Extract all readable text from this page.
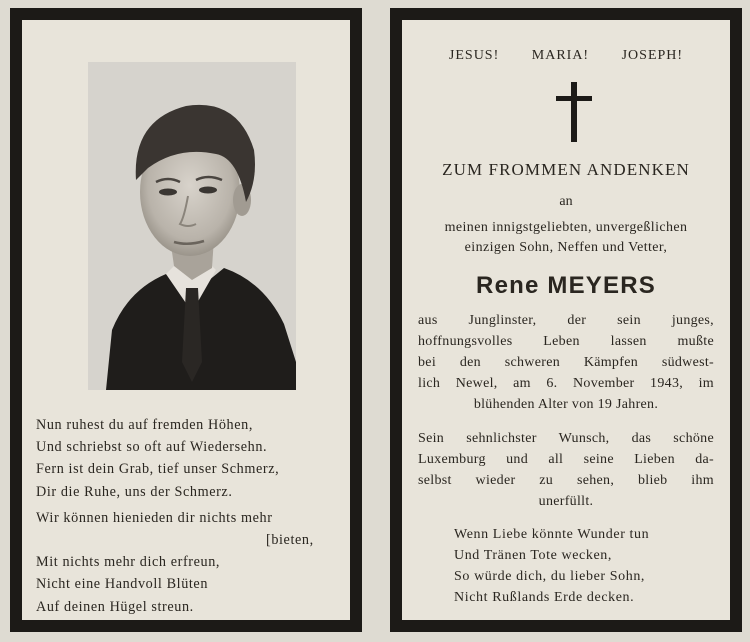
Nun ruhest du auf fremden Höhen,
Und schriebst so oft auf Wiedersehn.
Fern ist dein Grab, tief unser Schmerz,
Dir die Ruhe, uns der Schmerz.
Wir können hienieden dir nichts mehr
[bieten,
Mit nichts mehr dich erfreun,
Nicht eine Handvoll Blüten
Auf deinen Hügel streun.
JESUS! MARIA! JOSEPH!
ZUM FROMMEN ANDENKEN
an
meinen innigstgeliebten, unvergeßlichen
einzigen Sohn, Neffen und Vetter,
Rene MEYERS
aus Junglinster, der sein junges,
hoffnungsvolles Leben lassen mußte
bei den schweren Kämpfen südwest-
lich Newel, am 6. November 1943, im
blühenden Alter von 19 Jahren.
Sein sehnlichster Wunsch, das schöne
Luxemburg und all seine Lieben da-
selbst wieder zu sehen, blieb ihm
unerfüllt.
Wenn Liebe könnte Wunder tun
Und Tränen Tote wecken,
So würde dich, du lieber Sohn,
Nicht Rußlands Erde decken.
